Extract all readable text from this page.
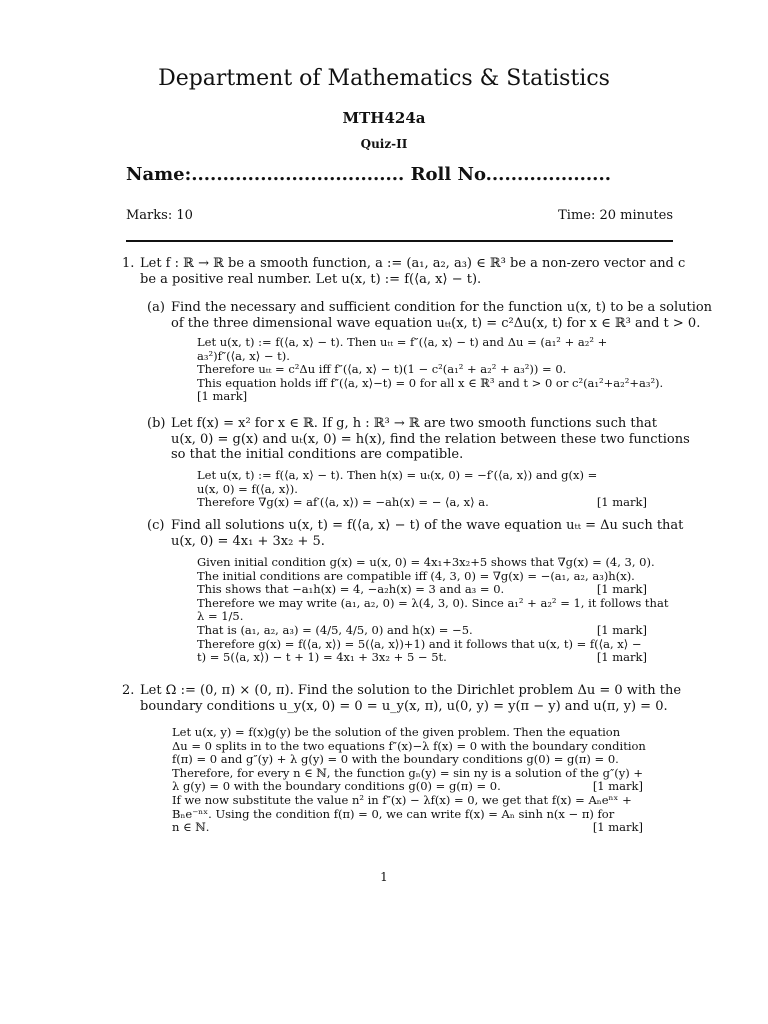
Department of Mathematics & Statistics
MTH424a
Quiz-II
Name:.................................. Roll No....................
Marks: 10	Time: 20 minutes
1. Let f : ℝ → ℝ be a smooth function, a := (a₁, a₂, a₃) ∈ ℝ³ be a non-zero vector and c
be a positive real number. Let u(x, t) := f(⟨a, x⟩ − t).
(a) Find the necessary and sufficient condition for the function u(x, t) to be a solution
of the three dimensional wave equation uₜₜ(x, t) = c²Δu(x, t) for x ∈ ℝ³ and t > 0.
Let u(x, t) := f(⟨a, x⟩ − t). Then uₜₜ = f″(⟨a, x⟩ − t) and Δu = (a₁² + a₂² +
a₃²)f″(⟨a, x⟩ − t).
Therefore uₜₜ = c²Δu iff f″(⟨a, x⟩ − t)(1 − c²(a₁² + a₂² + a₃²)) = 0.
This equation holds iff f″(⟨a, x⟩−t) = 0 for all x ∈ ℝ³ and t > 0 or c²(a₁²+a₂²+a₃²).
[1 mark]
(b) Let f(x) = x² for x ∈ ℝ. If g, h : ℝ³ → ℝ are two smooth functions such that
u(x, 0) = g(x) and uₜ(x, 0) = h(x), find the relation between these two functions
so that the initial conditions are compatible.
Let u(x, t) := f(⟨a, x⟩ − t). Then h(x) = uₜ(x, 0) = −f′(⟨a, x⟩) and g(x) =
u(x, 0) = f(⟨a, x⟩).
Therefore ∇g(x) = af′(⟨a, x⟩) = −ah(x) = − ⟨a, x⟩ a.	[1 mark]
(c) Find all solutions u(x, t) = f(⟨a, x⟩ − t) of the wave equation uₜₜ = Δu such that
u(x, 0) = 4x₁ + 3x₂ + 5.
Given initial condition g(x) = u(x, 0) = 4x₁+3x₂+5 shows that ∇g(x) = (4, 3, 0).
The initial conditions are compatible iff (4, 3, 0) = ∇g(x) = −(a₁, a₂, a₃)h(x).
This shows that −a₁h(x) = 4, −a₂h(x) = 3 and a₃ = 0.	[1 mark]
Therefore we may write (a₁, a₂, 0) = λ(4, 3, 0). Since a₁² + a₂² = 1, it follows that
λ = 1/5.
That is (a₁, a₂, a₃) = (4/5, 4/5, 0) and h(x) = −5.	[1 mark]
Therefore g(x) = f(⟨a, x⟩) = 5(⟨a, x⟩)+1) and it follows that u(x, t) = f(⟨a, x⟩ −
t) = 5(⟨a, x⟩) − t + 1) = 4x₁ + 3x₂ + 5 − 5t.	[1 mark]
2. Let Ω := (0, π) × (0, π). Find the solution to the Dirichlet problem Δu = 0 with the
boundary conditions u_y(x, 0) = 0 = u_y(x, π), u(0, y) = y(π − y) and u(π, y) = 0.
Let u(x, y) = f(x)g(y) be the solution of the given problem. Then the equation
Δu = 0 splits in to the two equations f″(x)−λ f(x) = 0 with the boundary condition
f(π) = 0 and g″(y) + λ g(y) = 0 with the boundary conditions g(0) = g(π) = 0.
Therefore, for every n ∈ ℕ, the function gₙ(y) = sin ny is a solution of the g″(y) +
λ g(y) = 0 with the boundary conditions g(0) = g(π) = 0.	[1 mark]
If we now substitute the value n² in f″(x) − λf(x) = 0, we get that f(x) = Aₙeⁿˣ +
Bₙe⁻ⁿˣ. Using the condition f(π) = 0, we can write f(x) = Aₙ sinh n(x − π) for
n ∈ ℕ.	[1 mark]
1
